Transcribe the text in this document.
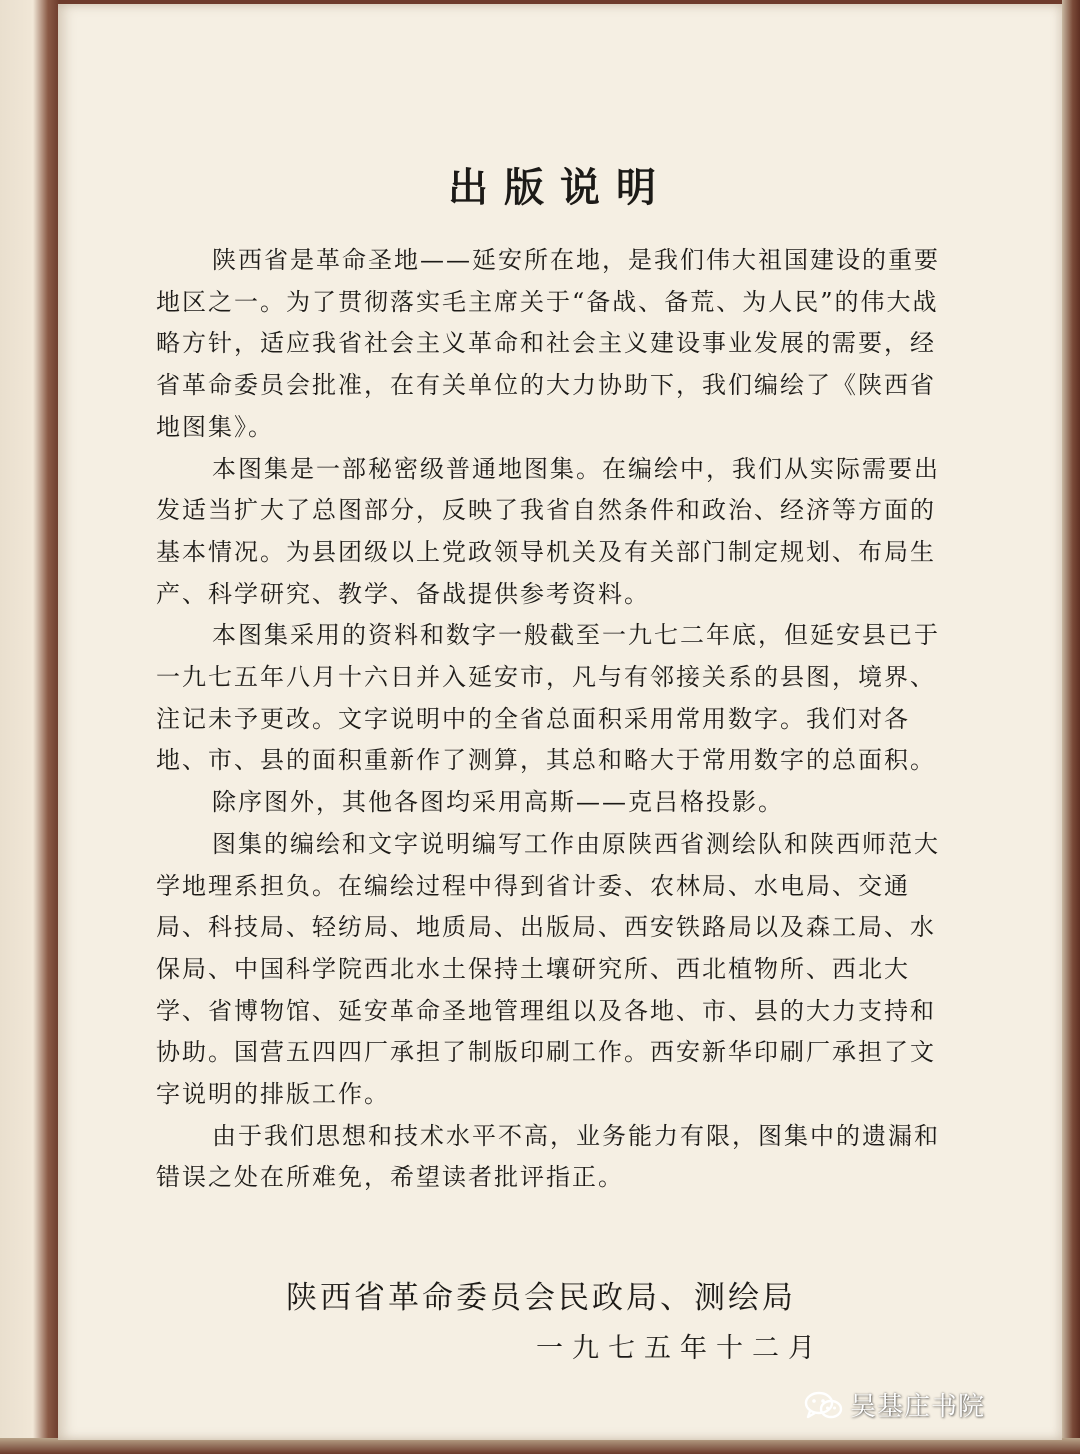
出版说明

陕西省是革命圣地——延安所在地，是我们伟大祖国建设的重要地区之一。为了贯彻落实毛主席关于“备战、备荒、为人民”的伟大战略方针，适应我省社会主义革命和社会主义建设事业发展的需要，经省革命委员会批准，在有关单位的大力协助下，我们编绘了《陕西省地图集》。

本图集是一部秘密级普通地图集。在编绘中，我们从实际需要出发适当扩大了总图部分，反映了我省自然条件和政治、经济等方面的基本情况。为县团级以上党政领导机关及有关部门制定规划、布局生产、科学研究、教学、备战提供参考资料。

本图集采用的资料和数字一般截至一九七二年底，但延安县已于一九七五年八月十六日并入延安市，凡与有邻接关系的县图，境界、注记未予更改。文字说明中的全省总面积采用常用数字。我们对各地、市、县的面积重新作了测算，其总和略大于常用数字的总面积。

除序图外，其他各图均采用高斯——克吕格投影。

图集的编绘和文字说明编写工作由原陕西省测绘队和陕西师范大学地理系担负。在编绘过程中得到省计委、农林局、水电局、交通局、科技局、轻纺局、地质局、出版局、西安铁路局以及森工局、水保局、中国科学院西北水土保持土壤研究所、西北植物所、西北大学、省博物馆、延安革命圣地管理组以及各地、市、县的大力支持和协助。国营五四四厂承担了制版印刷工作。西安新华印刷厂承担了文字说明的排版工作。

由于我们思想和技术水平不高，业务能力有限，图集中的遗漏和错误之处在所难免，希望读者批评指正。

陕西省革命委员会民政局、测绘局
一九七五年十二月
吴基庄书院
